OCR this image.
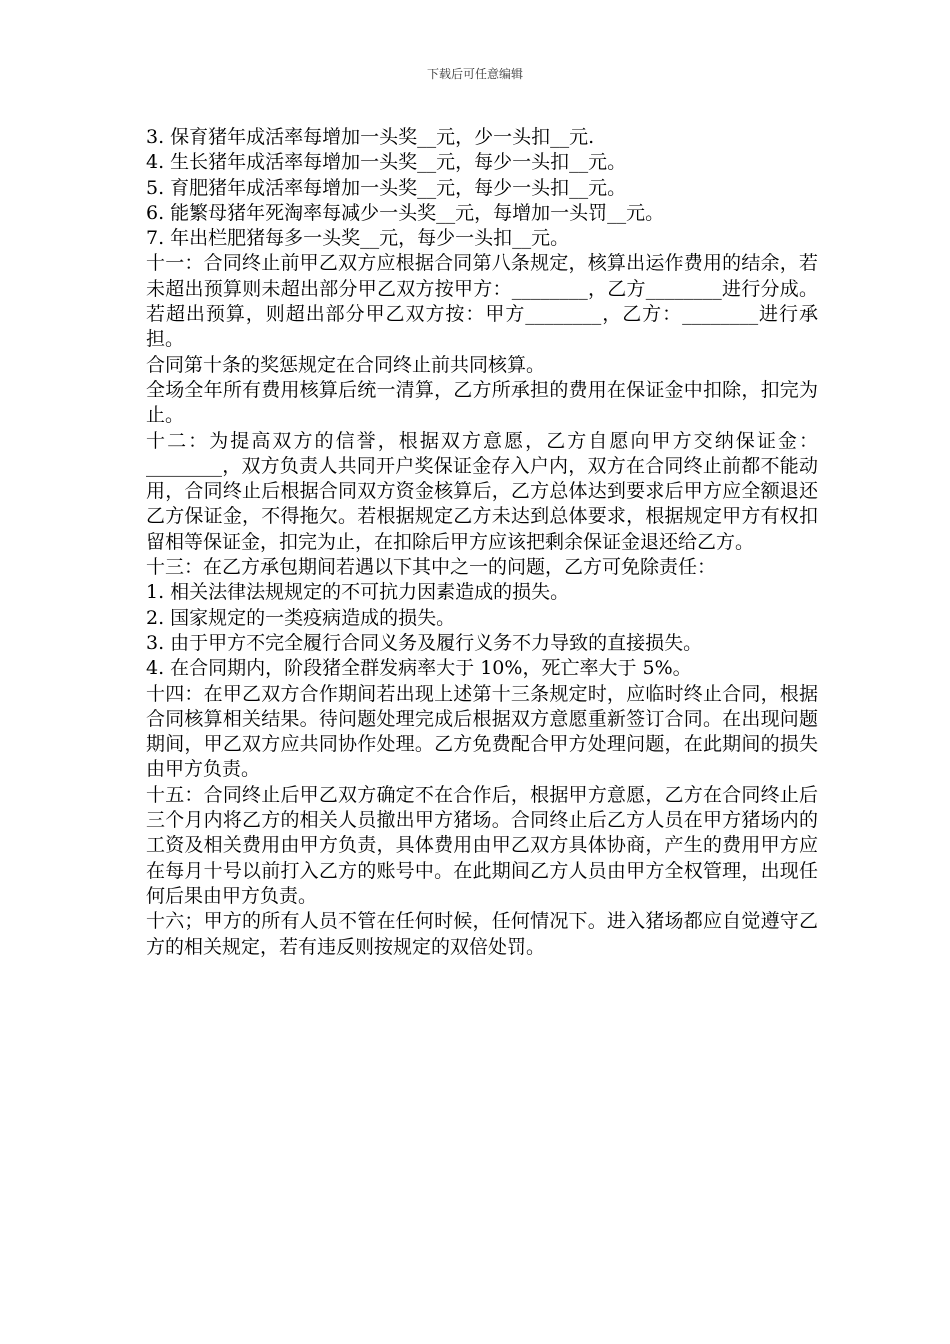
下载后可任意编辑

3. 保育猪年成活率每增加一头奖__元，少一头扣__元.

4. 生长猪年成活率每增加一头奖__元，每少一头扣__元。

5. 育肥猪年成活率每增加一头奖__元，每少一头扣__元。

6. 能繁母猪年死淘率每减少一头奖__元，每增加一头罚__元。

7. 年出栏肥猪每多一头奖__元，每少一头扣__元。

十一：合同终止前甲乙双方应根据合同第八条规定，核算出运作费用的结余，若未超出预算则未超出部分甲乙双方按甲方：________，乙方________进行分成。若超出预算，则超出部分甲乙双方按：甲方________，乙方：________进行承担。

合同第十条的奖惩规定在合同终止前共同核算。

全场全年所有费用核算后统一清算，乙方所承担的费用在保证金中扣除，扣完为止。

十二：为提高双方的信誉，根据双方意愿，乙方自愿向甲方交纳保证金：________，双方负责人共同开户奖保证金存入户内，双方在合同终止前都不能动用，合同终止后根据合同双方资金核算后，乙方总体达到要求后甲方应全额退还乙方保证金，不得拖欠。若根据规定乙方未达到总体要求，根据规定甲方有权扣留相等保证金，扣完为止，在扣除后甲方应该把剩余保证金退还给乙方。

十三：在乙方承包期间若遇以下其中之一的问题，乙方可免除责任：

1. 相关法律法规规定的不可抗力因素造成的损失。

2. 国家规定的一类疫病造成的损失。

3. 由于甲方不完全履行合同义务及履行义务不力导致的直接损失。

4. 在合同期内，阶段猪全群发病率大于 10%，死亡率大于 5%。

十四：在甲乙双方合作期间若出现上述第十三条规定时，应临时终止合同，根据合同核算相关结果。待问题处理完成后根据双方意愿重新签订合同。在出现问题期间，甲乙双方应共同协作处理。乙方免费配合甲方处理问题，在此期间的损失由甲方负责。

十五：合同终止后甲乙双方确定不在合作后，根据甲方意愿，乙方在合同终止后三个月内将乙方的相关人员撤出甲方猪场。合同终止后乙方人员在甲方猪场内的工资及相关费用由甲方负责，具体费用由甲乙双方具体协商，产生的费用甲方应在每月十号以前打入乙方的账号中。在此期间乙方人员由甲方全权管理，出现任何后果由甲方负责。

十六；甲方的所有人员不管在任何时候，任何情况下。进入猪场都应自觉遵守乙方的相关规定，若有违反则按规定的双倍处罚。
